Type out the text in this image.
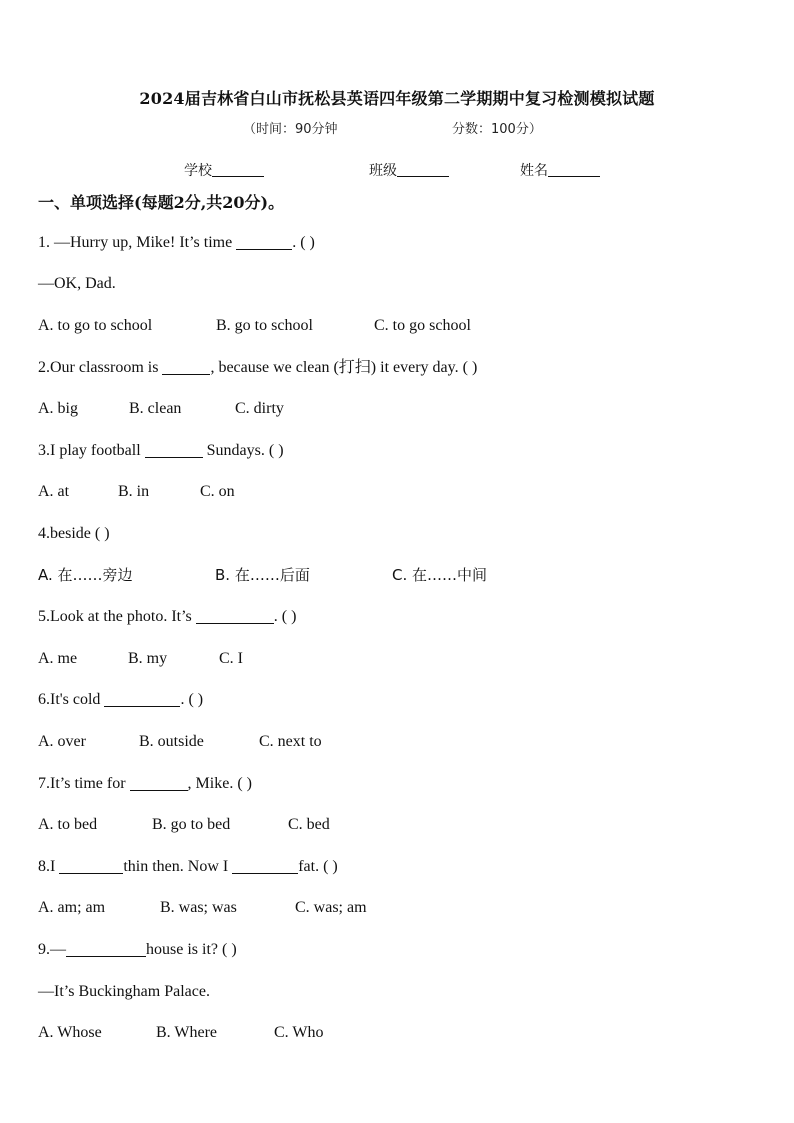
2024届吉林省白山市抚松县英语四年级第二学期期中复习检测模拟试题
（时间：90分钟	分数：100分）
学校	班级	姓名
一、单项选择(每题2分,共20分)。
1. —Hurry up, Mike! It’s time	. ( )
—OK, Dad.
A. to go to school	B. go to school	C. to go school
2.Our classroom is	, because we clean (打扫) it every day. ( )
A. big	B. clean	C. dirty
3.I play football	Sundays. ( )
A. at	B. in	C. on
4.beside ( )
A. 在……旁边	B. 在……后面	C. 在……中间
5.Look at the photo. It’s	. ( )
A. me	B. my	C. I
6.It's cold	. ( )
A. over	B. outside	C. next to
7.It’s time for	, Mike. ( )
A. to bed	B. go to bed	C. bed
8.I	thin then. Now I	fat. ( )
A. am; am	B. was; was	C. was; am
9.—	house is it? ( )
—It’s Buckingham Palace.
A. Whose	B. Where	C. Who
